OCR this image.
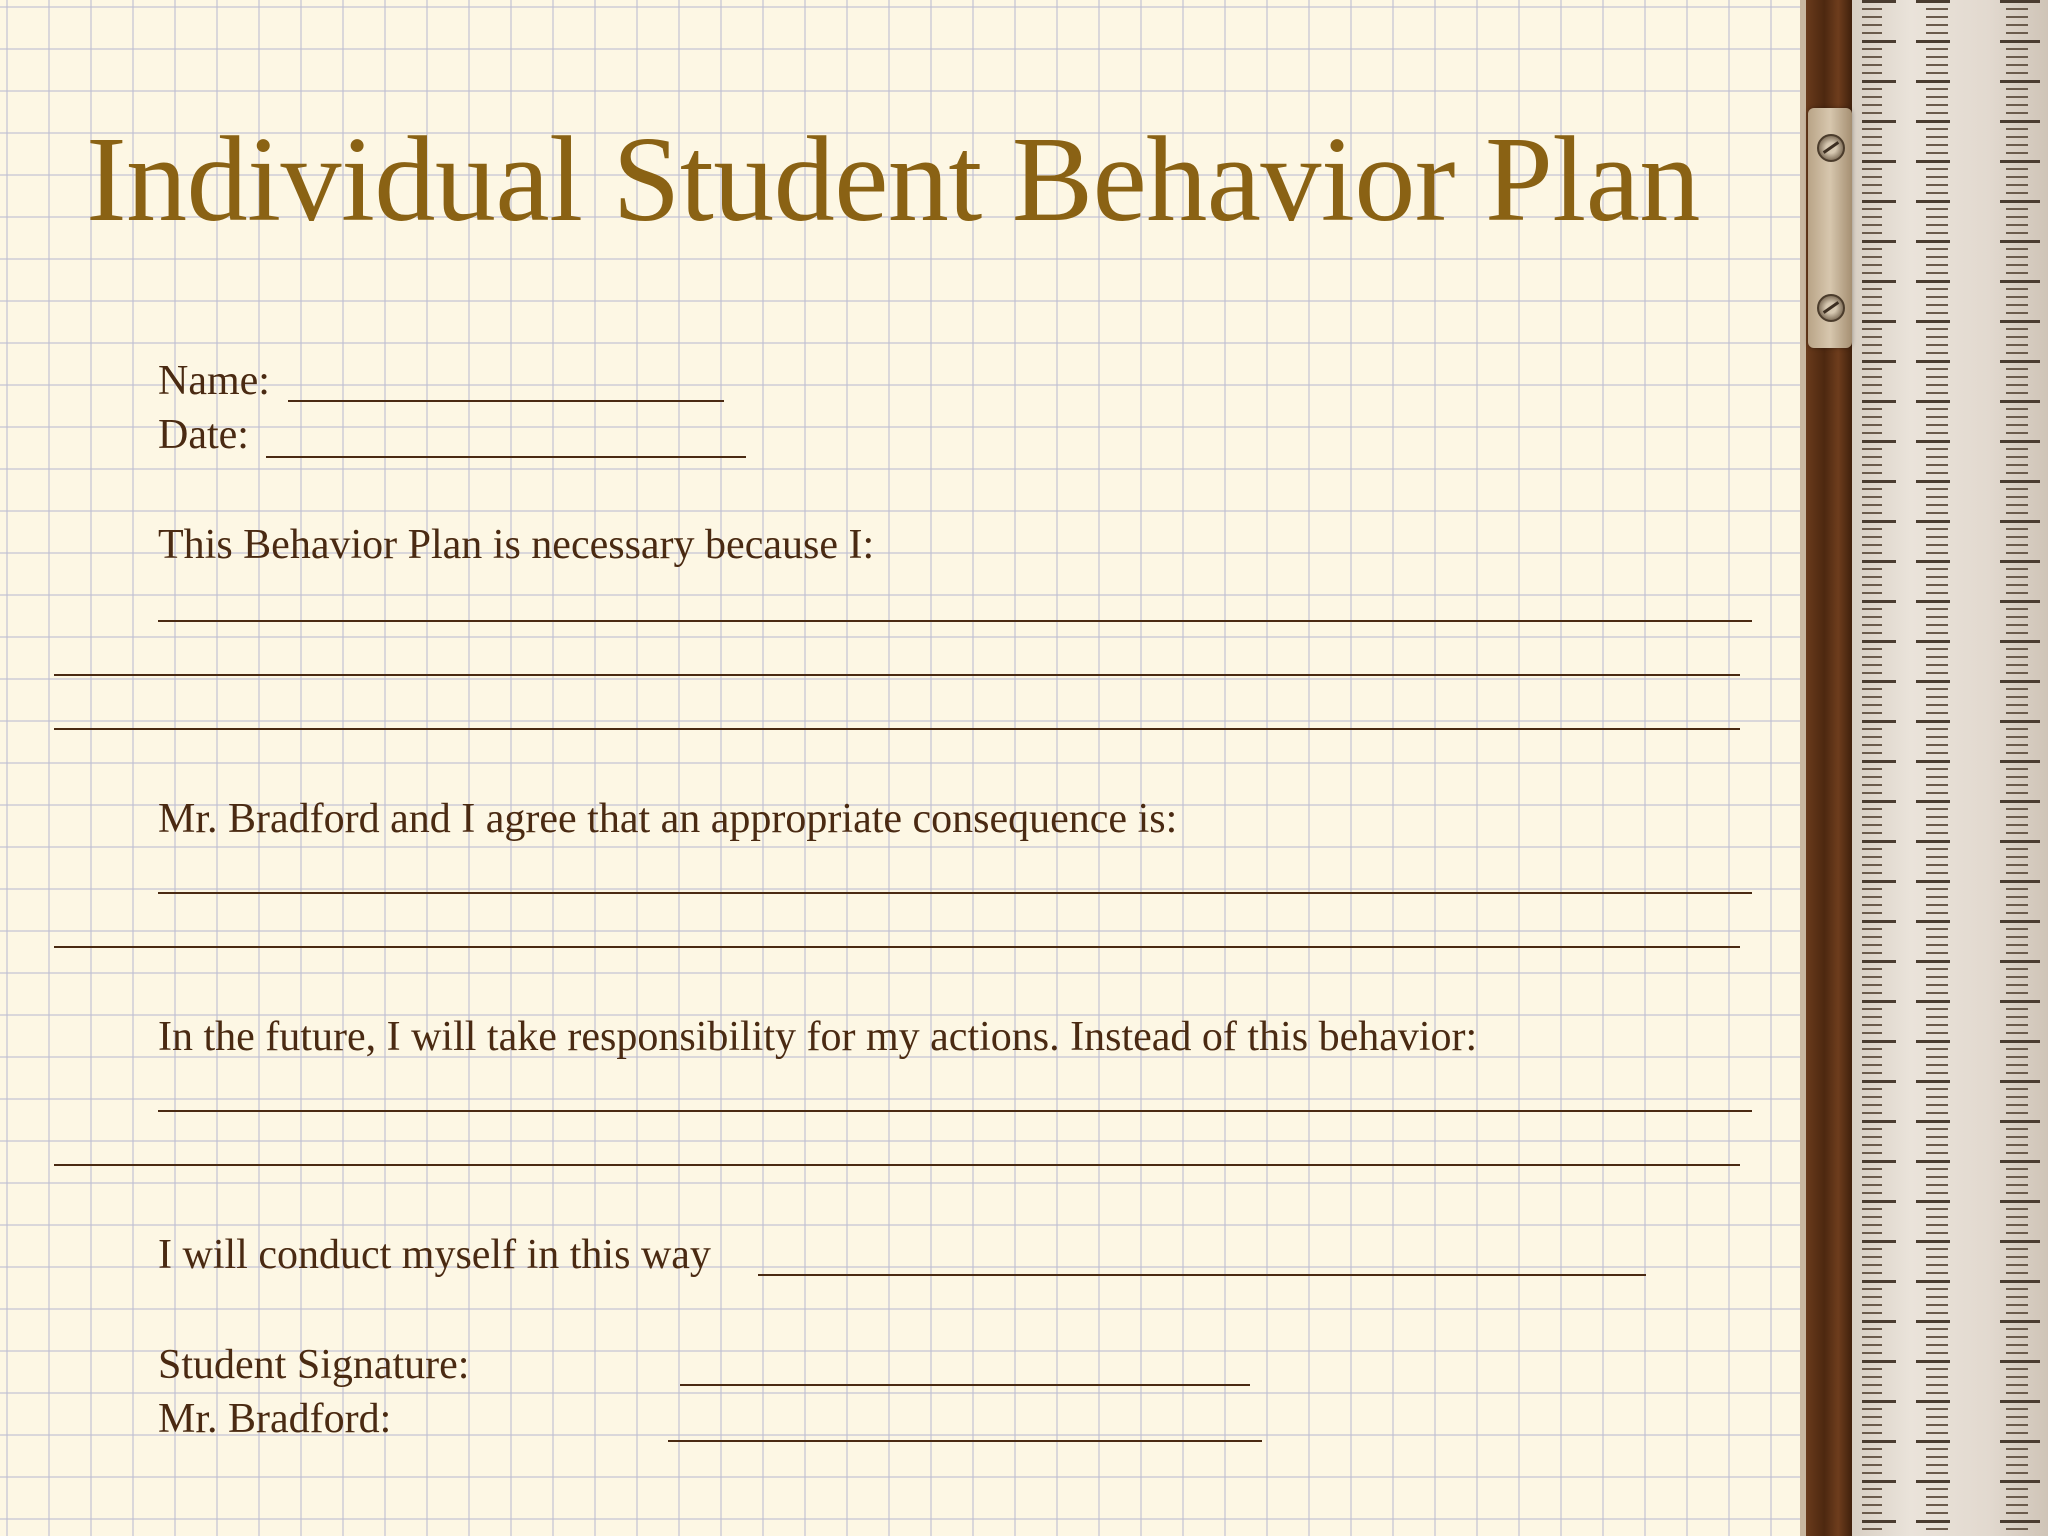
Individual Student Behavior Plan
Name:
Date:
This Behavior Plan is necessary because I:
Mr. Bradford and I agree that an appropriate consequence is:
In the future, I will take responsibility for my actions. Instead of this behavior:
I will conduct myself in this way
Student Signature:
Mr. Bradford:
